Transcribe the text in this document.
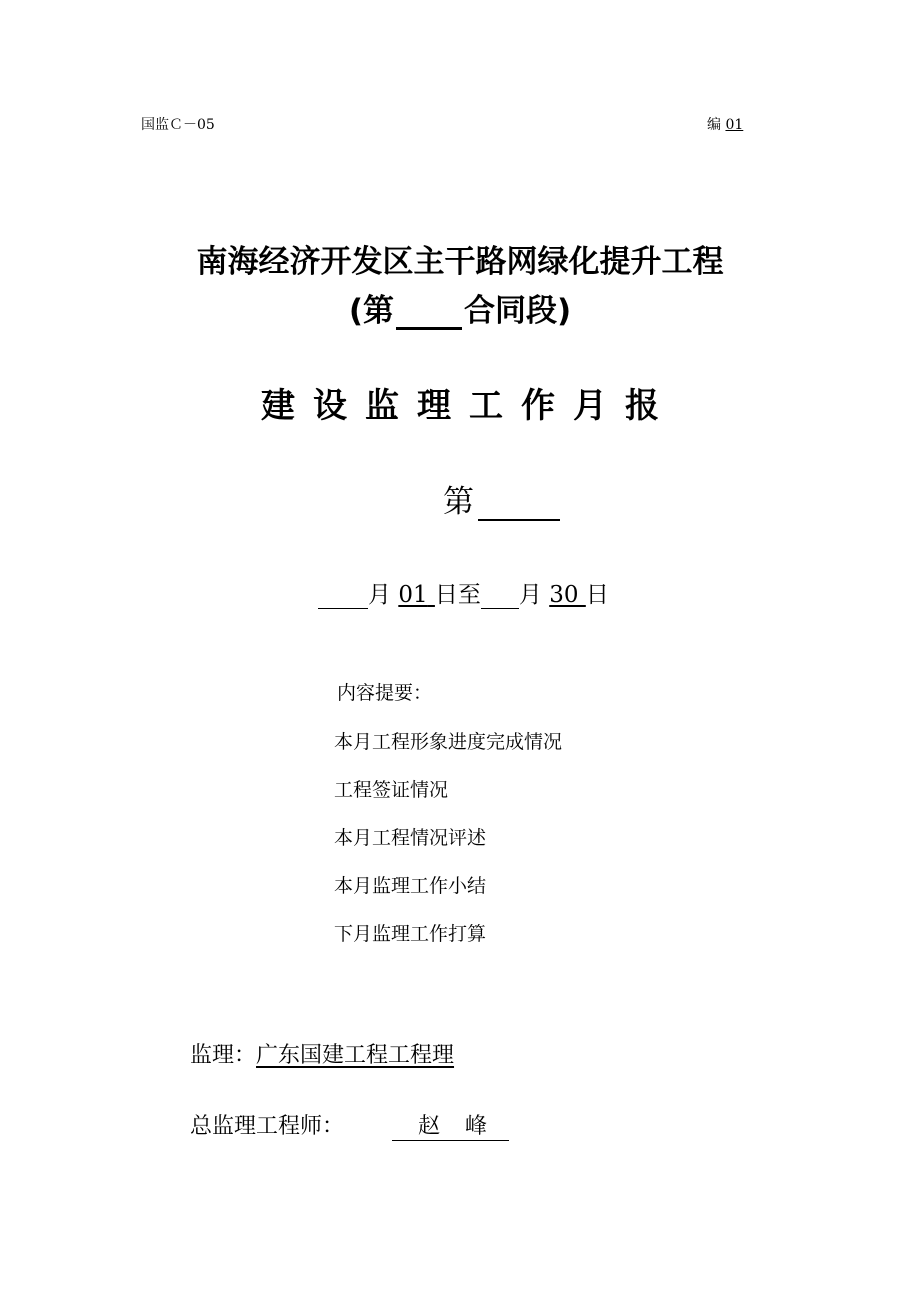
国监Ｃ－05	编 01
南海经济开发区主干路网绿化提升工程
(第 合同段)
建设监理工作月报
第
月 01 日至 月 30 日
内容提要：
本月工程形象进度完成情况
工程签证情况
本月工程情况评述
本月监理工作小结
下月监理工作打算
监理：广东国建工程工程理
总监理工程师：	赵 峰
